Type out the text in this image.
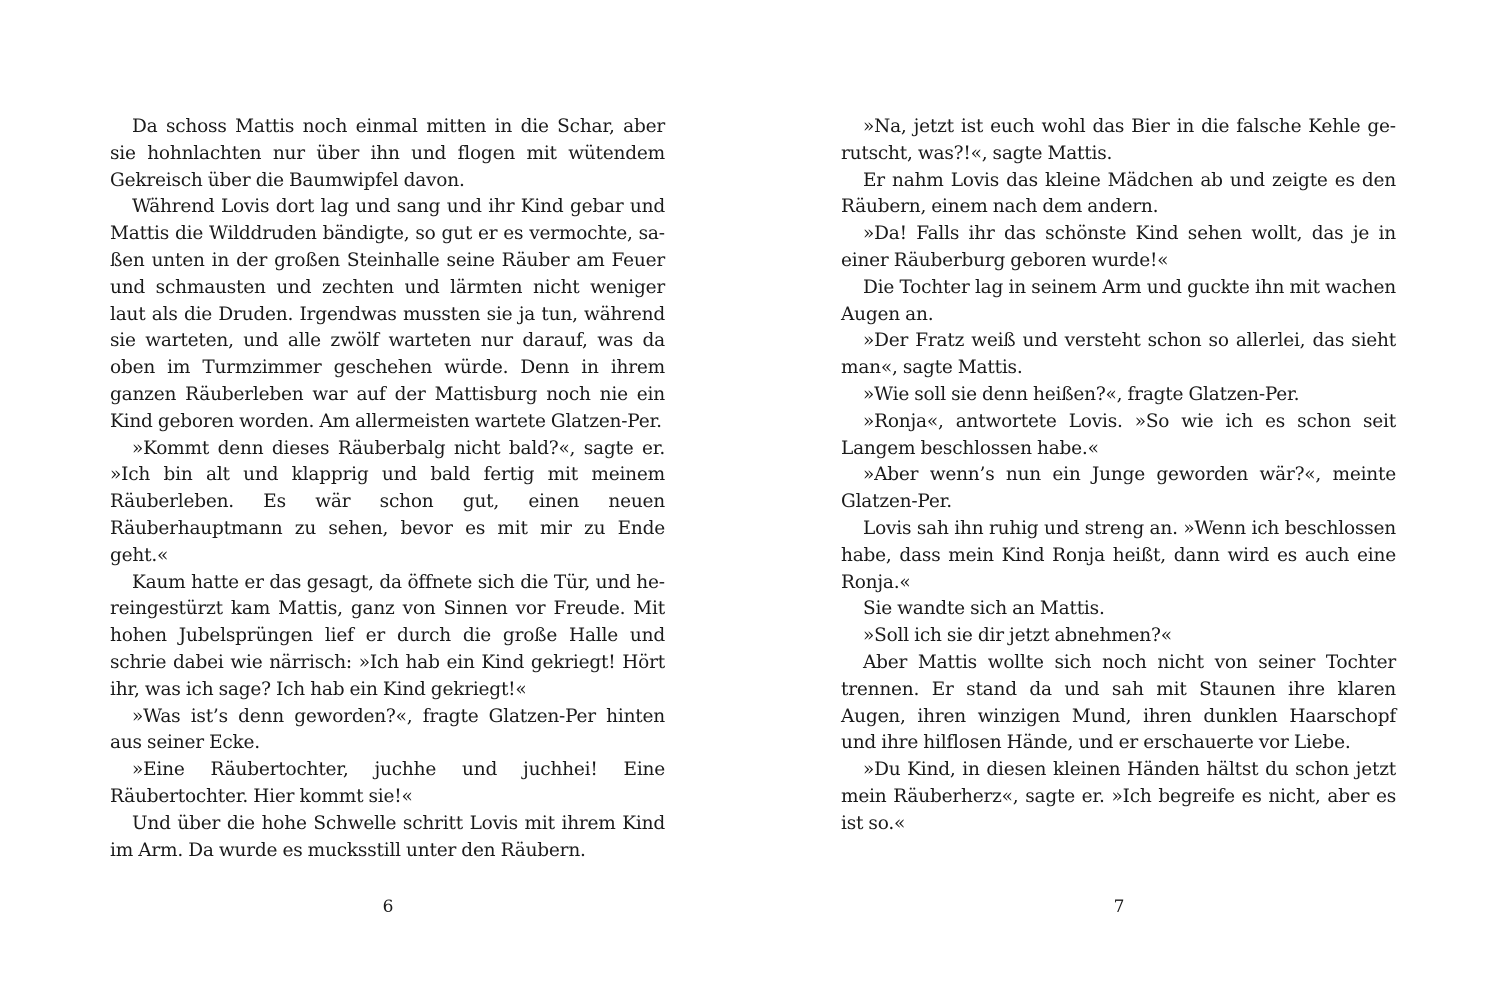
Da schoss Mattis noch einmal mitten in die Schar, aber sie hohnlachten nur über ihn und flogen mit wütendem Gekreisch über die Baumwipfel davon.

Während Lovis dort lag und sang und ihr Kind gebar und Mattis die Wilddruden bändigte, so gut er es vermochte, saßen unten in der großen Steinhalle seine Räuber am Feuer und schmausten und zechten und lärmten nicht weniger laut als die Druden. Irgendwas mussten sie ja tun, während sie warteten, und alle zwölf warteten nur darauf, was da oben im Turmzimmer geschehen würde. Denn in ihrem ganzen Räuberleben war auf der Mattisburg noch nie ein Kind geboren worden. Am allermeisten wartete Glatzen-Per.

»Kommt denn dieses Räuberbalg nicht bald?«, sagte er. »Ich bin alt und klapprig und bald fertig mit meinem Räuberleben. Es wär schon gut, einen neuen Räuberhauptmann zu sehen, bevor es mit mir zu Ende geht.«

Kaum hatte er das gesagt, da öffnete sich die Tür, und hereingestürzt kam Mattis, ganz von Sinnen vor Freude. Mit hohen Jubelsprüngen lief er durch die große Halle und schrie dabei wie närrisch: »Ich hab ein Kind gekriegt! Hört ihr, was ich sage? Ich hab ein Kind gekriegt!«

»Was ist’s denn geworden?«, fragte Glatzen-Per hinten aus seiner Ecke.

»Eine Räubertochter, juchhe und juchhei! Eine Räubertochter. Hier kommt sie!«

Und über die hohe Schwelle schritt Lovis mit ihrem Kind im Arm. Da wurde es mucksstill unter den Räubern.

»Na, jetzt ist euch wohl das Bier in die falsche Kehle gerutscht, was?!«, sagte Mattis.

Er nahm Lovis das kleine Mädchen ab und zeigte es den Räubern, einem nach dem andern.

»Da! Falls ihr das schönste Kind sehen wollt, das je in einer Räuberburg geboren wurde!«

Die Tochter lag in seinem Arm und guckte ihn mit wachen Augen an.

»Der Fratz weiß und versteht schon so allerlei, das sieht man«, sagte Mattis.

»Wie soll sie denn heißen?«, fragte Glatzen-Per.

»Ronja«, antwortete Lovis. »So wie ich es schon seit Langem beschlossen habe.«

»Aber wenn’s nun ein Junge geworden wär?«, meinte Glatzen-Per.

Lovis sah ihn ruhig und streng an. »Wenn ich beschlossen habe, dass mein Kind Ronja heißt, dann wird es auch eine Ronja.«

Sie wandte sich an Mattis.

»Soll ich sie dir jetzt abnehmen?«

Aber Mattis wollte sich noch nicht von seiner Tochter trennen. Er stand da und sah mit Staunen ihre klaren Augen, ihren winzigen Mund, ihren dunklen Haarschopf und ihre hilflosen Hände, und er erschauerte vor Liebe.

»Du Kind, in diesen kleinen Händen hältst du schon jetzt mein Räuberherz«, sagte er. »Ich begreife es nicht, aber es ist so.«

6	7
